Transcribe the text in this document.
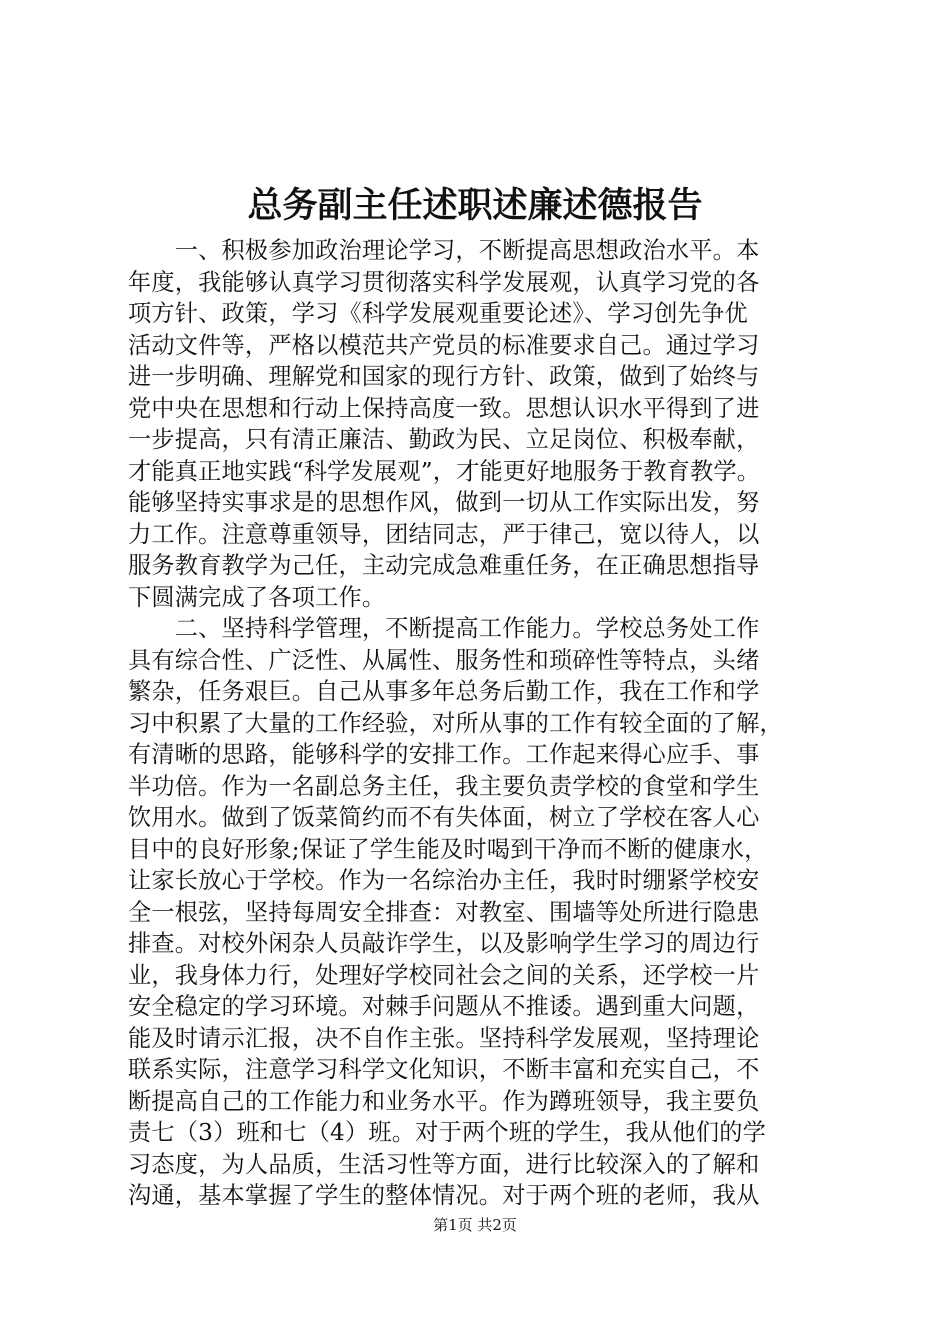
总务副主任述职述廉述德报告
　　一、积极参加政治理论学习，不断提高思想政治水平。本
年度，我能够认真学习贯彻落实科学发展观，认真学习党的各
项方针、政策，学习《科学发展观重要论述》、学习创先争优
活动文件等，严格以模范共产党员的标准要求自己。通过学习
进一步明确、理解党和国家的现行方针、政策，做到了始终与
党中央在思想和行动上保持高度一致。思想认识水平得到了进
一步提高，只有清正廉洁、勤政为民、立足岗位、积极奉献，
才能真正地实践“科学发展观”，才能更好地服务于教育教学。
能够坚持实事求是的思想作风，做到一切从工作实际出发，努
力工作。注意尊重领导，团结同志，严于律己，宽以待人，以
服务教育教学为己任，主动完成急难重任务，在正确思想指导
下圆满完成了各项工作。
　　二、坚持科学管理，不断提高工作能力。学校总务处工作
具有综合性、广泛性、从属性、服务性和琐碎性等特点，头绪
繁杂，任务艰巨。自己从事多年总务后勤工作，我在工作和学
习中积累了大量的工作经验，对所从事的工作有较全面的了解，
有清晰的思路，能够科学的安排工作。工作起来得心应手、事
半功倍。作为一名副总务主任，我主要负责学校的食堂和学生
饮用水。做到了饭菜简约而不有失体面，树立了学校在客人心
目中的良好形象;保证了学生能及时喝到干净而不断的健康水，
让家长放心于学校。作为一名综治办主任，我时时绷紧学校安
全一根弦，坚持每周安全排查：对教室、围墙等处所进行隐患
排查。对校外闲杂人员敲诈学生，以及影响学生学习的周边行
业，我身体力行，处理好学校同社会之间的关系，还学校一片
安全稳定的学习环境。对棘手问题从不推诿。遇到重大问题，
能及时请示汇报，决不自作主张。坚持科学发展观，坚持理论
联系实际，注意学习科学文化知识，不断丰富和充实自己，不
断提高自己的工作能力和业务水平。作为蹲班领导，我主要负
责七（3）班和七（4）班。对于两个班的学生，我从他们的学
习态度，为人品质，生活习性等方面，进行比较深入的了解和
沟通，基本掌握了学生的整体情况。对于两个班的老师，我从
第1页 共2页
